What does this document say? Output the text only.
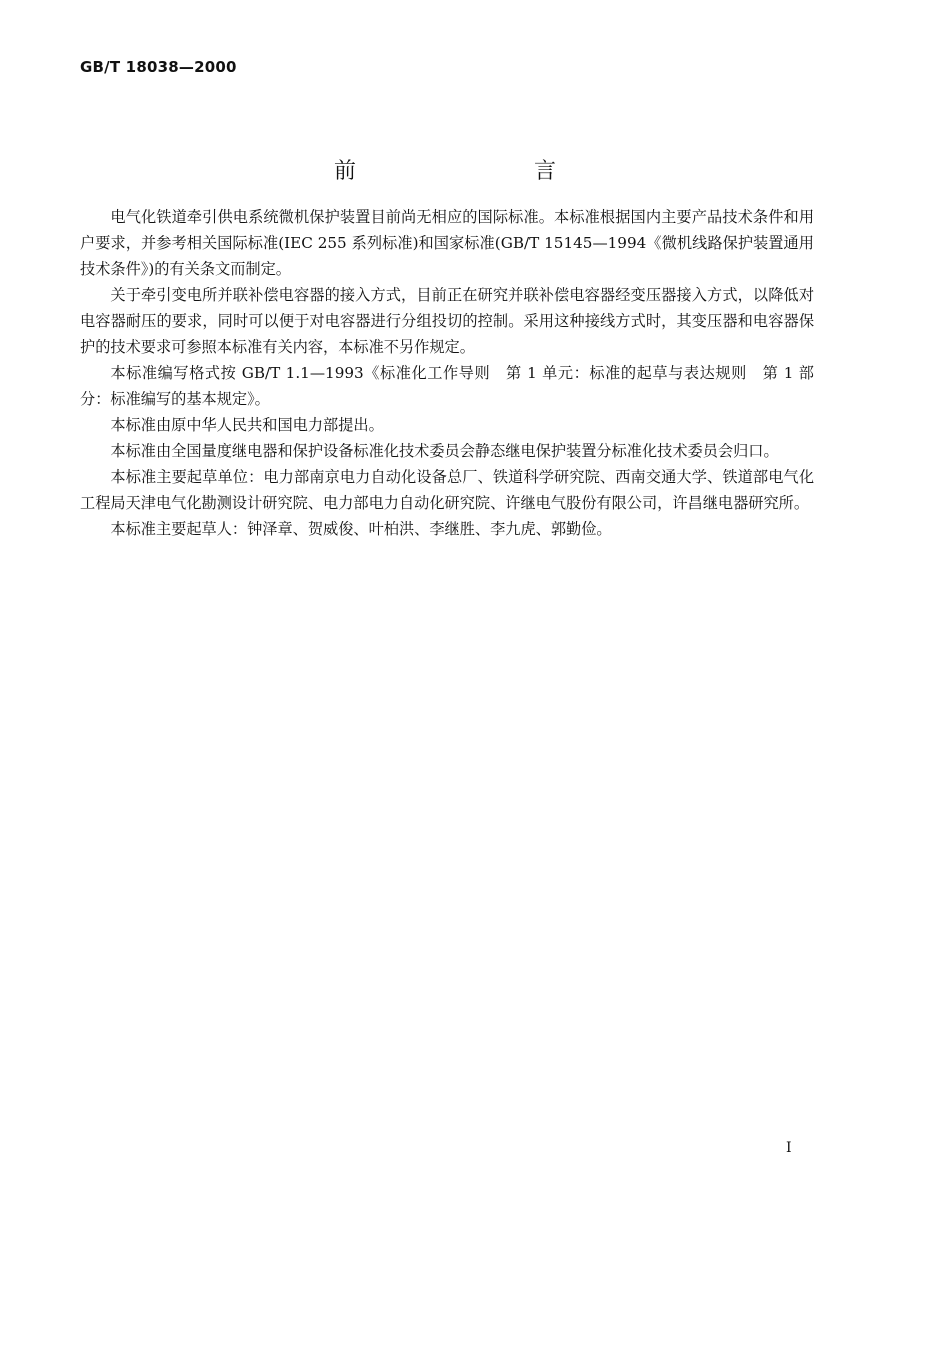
GB/T 18038—2000
前　言

电气化铁道牵引供电系统微机保护装置目前尚无相应的国际标准。本标准根据国内主要产品技术条件和用户要求，并参考相关国际标准(IEC 255 系列标准)和国家标准(GB/T 15145—1994《微机线路保护装置通用技术条件》)的有关条文而制定。

关于牵引变电所并联补偿电容器的接入方式，目前正在研究并联补偿电容器经变压器接入方式，以降低对电容器耐压的要求，同时可以便于对电容器进行分组投切的控制。采用这种接线方式时，其变压器和电容器保护的技术要求可参照本标准有关内容，本标准不另作规定。

本标准编写格式按 GB/T 1.1—1993《标准化工作导则　第 1 单元：标准的起草与表达规则　第 1 部分：标准编写的基本规定》。

本标准由原中华人民共和国电力部提出。

本标准由全国量度继电器和保护设备标准化技术委员会静态继电保护装置分标准化技术委员会归口。

本标准主要起草单位：电力部南京电力自动化设备总厂、铁道科学研究院、西南交通大学、铁道部电气化工程局天津电气化勘测设计研究院、电力部电力自动化研究院、许继电气股份有限公司，许昌继电器研究所。

本标准主要起草人：钟泽章、贺威俊、叶柏洪、李继胜、李九虎、郭勤俭。

I
